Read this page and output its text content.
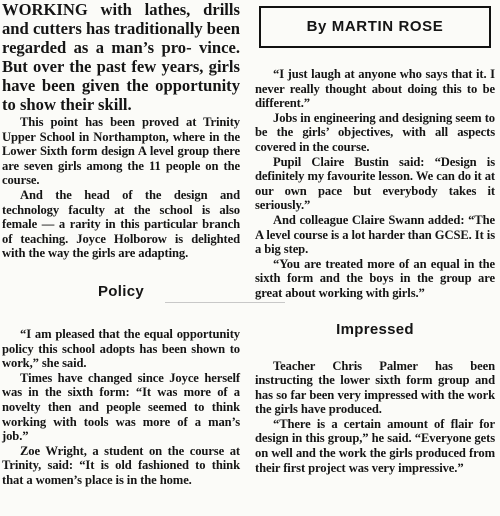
WORKING with lathes, drills and cutters has traditionally been regarded as a man’s pro- vince. But over the past few years, girls have been given the opportunity to show their skill.

This point has been proved at Trinity Upper School in Northampton, where in the Lower Sixth form design A level group there are seven girls among the 11 people on the course.

And the head of the design and technology faculty at the school is also female — a rarity in this particular branch of teaching. Joyce Holborow is delighted with the way the girls are adapting.

Policy

“I am pleased that the equal opportunity policy this school adopts has been shown to work,” she said.

Times have changed since Joyce herself was in the sixth form: “It was more of a novelty then and people seemed to think working with tools was more of a man’s job.”

Zoe Wright, a student on the course at Trinity, said: “It is old fashioned to think that a women’s place is in the home.

By MARTIN ROSE

“I just laugh at anyone who says that it. I never really thought about doing this to be different.”

Jobs in engineering and designing seem to be the girls’ objectives, with all aspects covered in the course.

Pupil Claire Bustin said: “Design is definitely my favourite lesson. We can do it at our own pace but everybody takes it seriously.”

And colleague Claire Swann added: “The A level course is a lot harder than GCSE. It is a big step.

“You are treated more of an equal in the sixth form and the boys in the group are great about working with girls.”

Impressed

Teacher Chris Palmer has been instructing the lower sixth form group and has so far been very impressed with the work the girls have produced.

“There is a certain amount of flair for design in this group,” he said. “Everyone gets on well and the work the girls produced from their first project was very impressive.”
